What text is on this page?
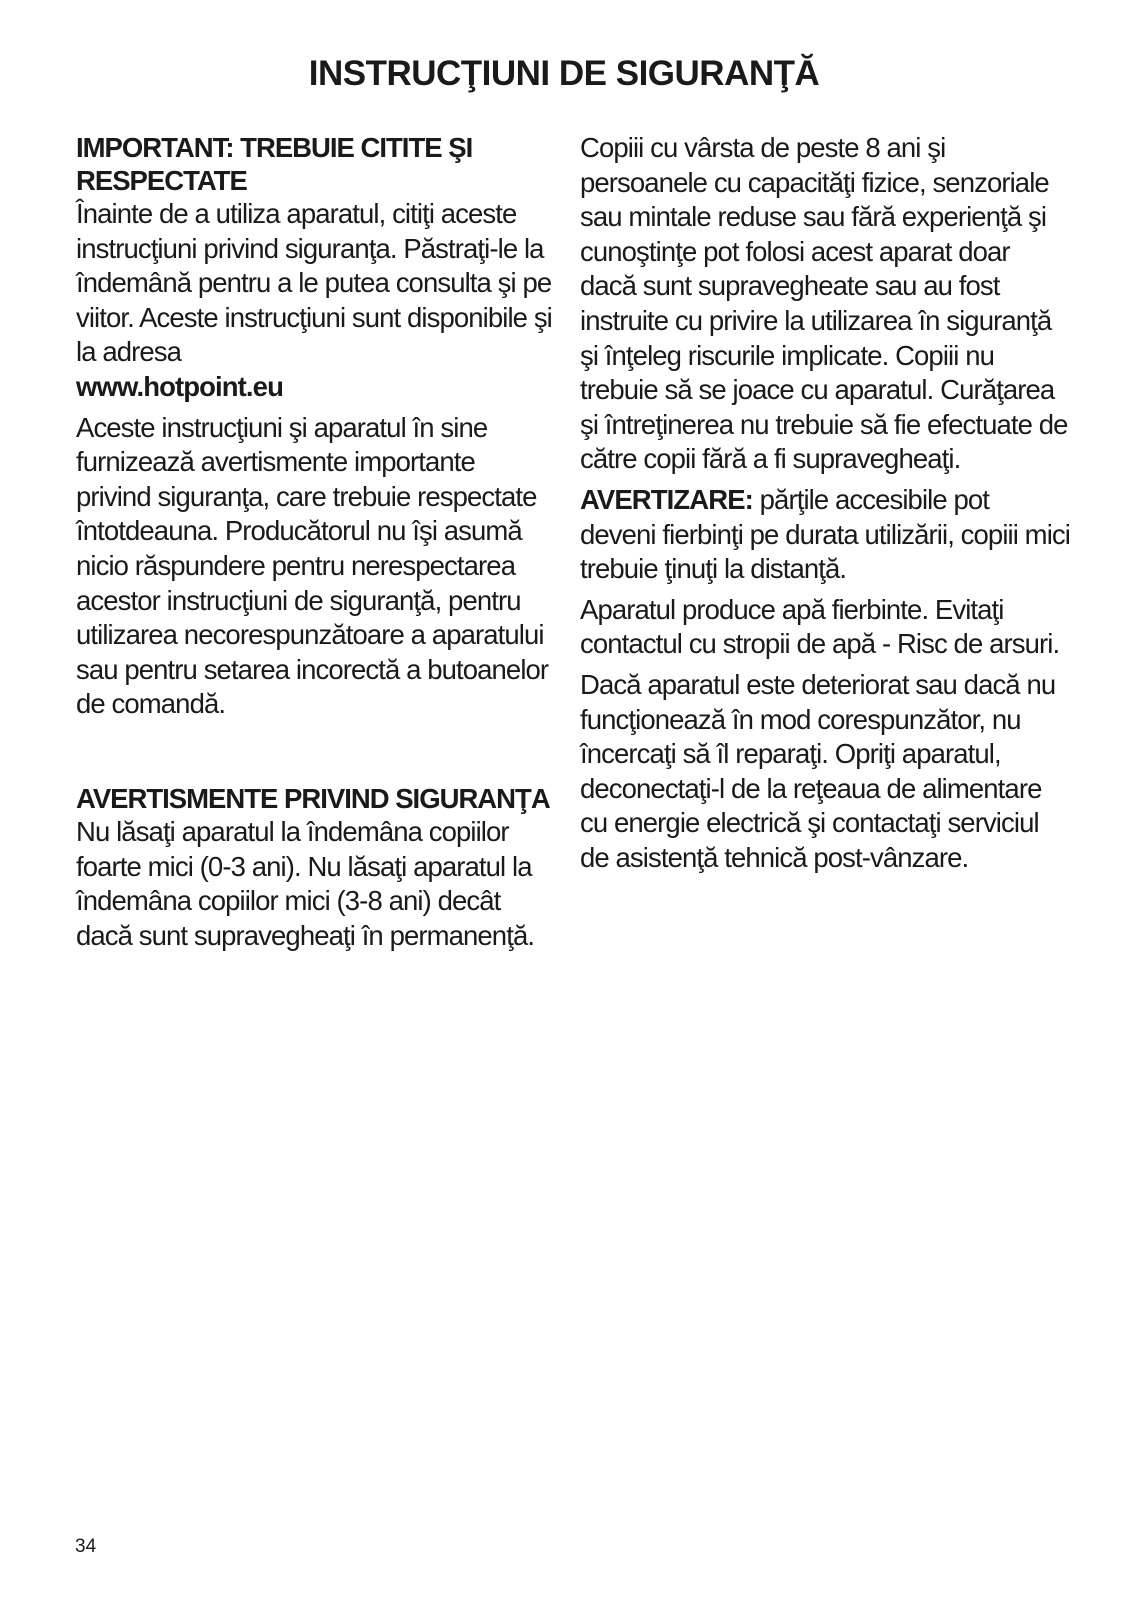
INSTRUCŢIUNI DE SIGURANŢĂ
IMPORTANT: TREBUIE CITITE ŞI RESPECTATE

Înainte de a utiliza aparatul, citiţi aceste instrucţiuni privind siguranţa. Păstraţi-le la îndemână pentru a le putea consulta şi pe viitor. Aceste instrucţiuni sunt disponibile şi la adresa

www.hotpoint.eu

Aceste instrucţiuni şi aparatul în sine furnizează avertismente importante privind siguranţa, care trebuie respectate întotdeauna. Producătorul nu îşi asumă nicio răspundere pentru nerespectarea acestor instrucţiuni de siguranţă, pentru utilizarea necorespunzătoare a aparatului sau pentru setarea incorectă a butoanelor de comandă.

AVERTISMENTE PRIVIND SIGURANŢA

Nu lăsaţi aparatul la îndemâna copiilor foarte mici (0-3 ani). Nu lăsaţi aparatul la îndemâna copiilor mici (3-8 ani) decât dacă sunt supravegheaţi în permanenţă.

Copiii cu vârsta de peste 8 ani şi persoanele cu capacităţi fizice, senzoriale sau mintale reduse sau fără experienţă şi cunoştinţe pot folosi acest aparat doar dacă sunt supravegheate sau au fost instruite cu privire la utilizarea în siguranţă şi înţeleg riscurile implicate. Copiii nu trebuie să se joace cu aparatul. Curăţarea şi întreţinerea nu trebuie să fie efectuate de către copii fără a fi supravegheaţi.

AVERTIZARE: părţile accesibile pot deveni fierbinţi pe durata utilizării, copiii mici trebuie ţinuţi la distanţă.

Aparatul produce apă fierbinte. Evitaţi contactul cu stropii de apă - Risc de arsuri.

Dacă aparatul este deteriorat sau dacă nu funcţionează în mod corespunzător, nu încercaţi să îl reparaţi. Opriţi aparatul, deconectaţi-l de la reţeaua de alimentare cu energie electrică şi contactaţi serviciul de asistenţă tehnică post-vânzare.

34
